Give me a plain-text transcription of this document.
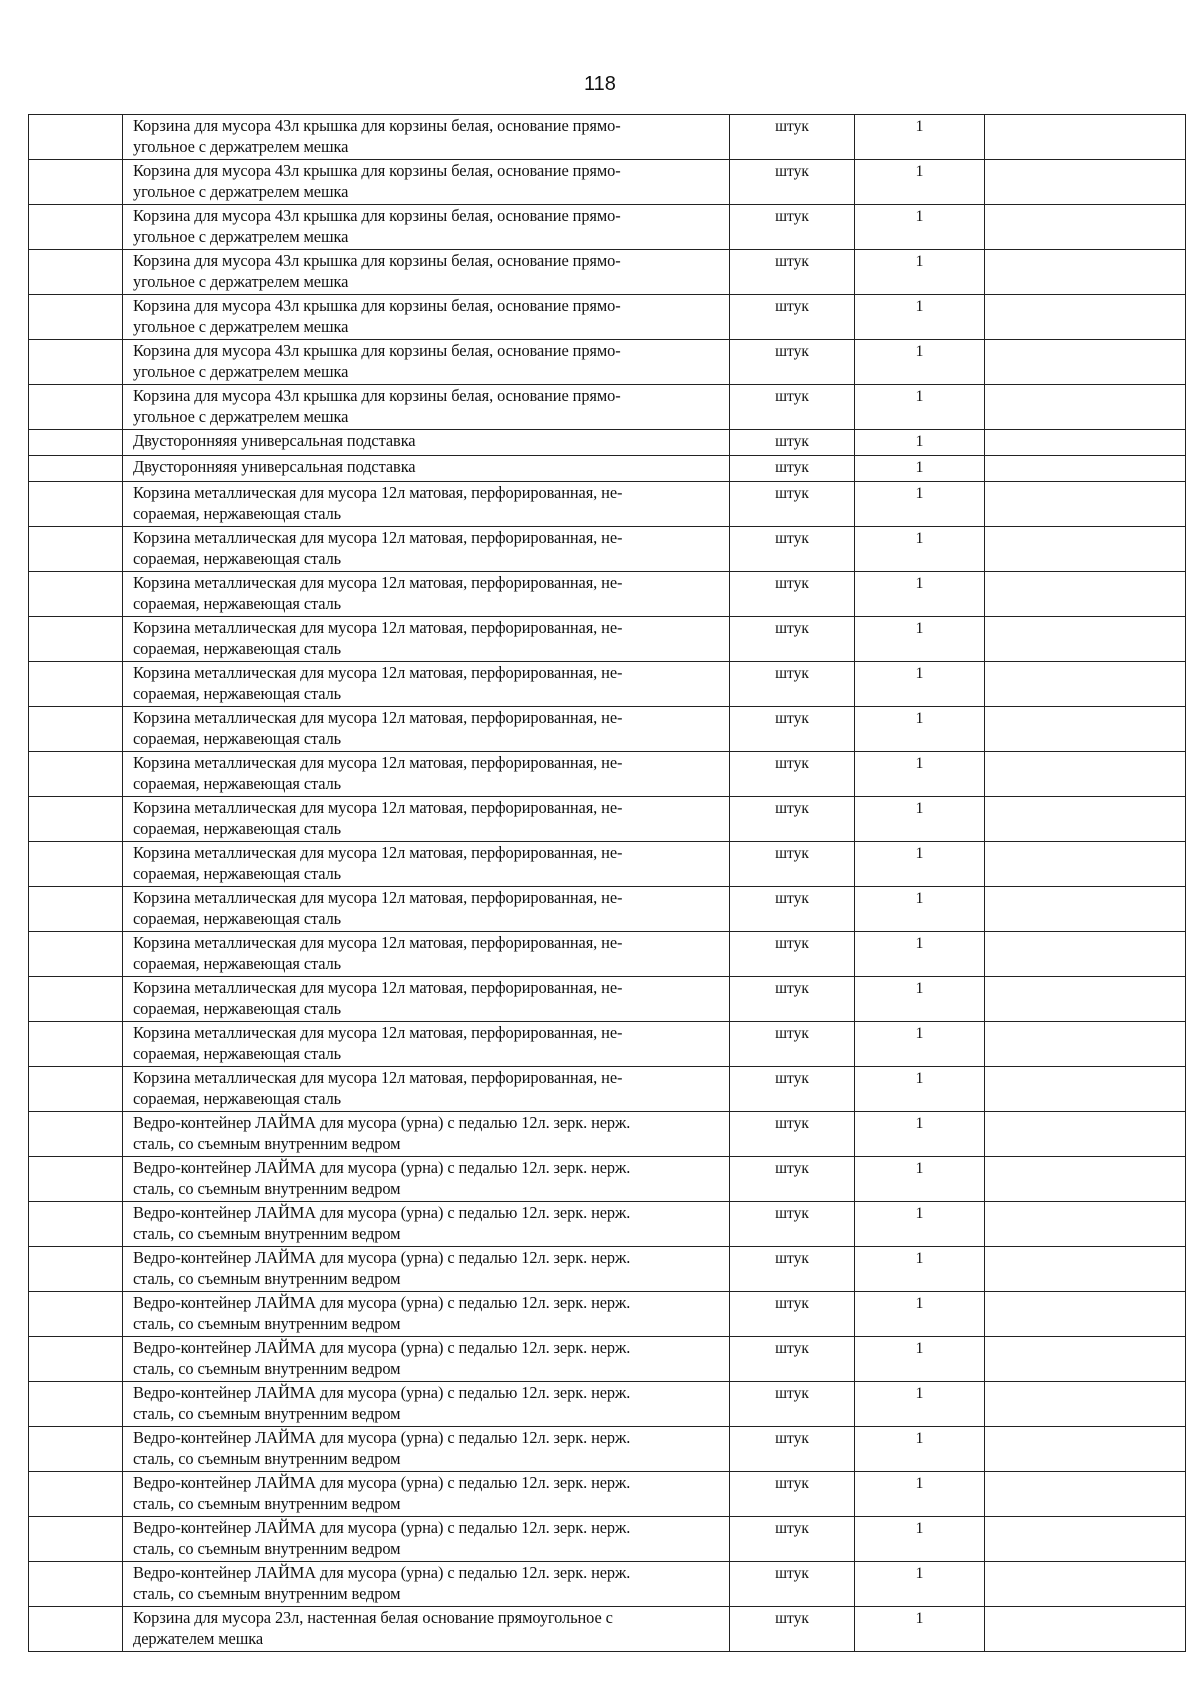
118

	Корзина для мусора 43л крышка для корзины белая, основание прямо-
угольное с держатрелем мешка	штук	1	

	Корзина для мусора 43л крышка для корзины белая, основание прямо-
угольное с держатрелем мешка	штук	1	

	Корзина для мусора 43л крышка для корзины белая, основание прямо-
угольное с держатрелем мешка	штук	1	

	Корзина для мусора 43л крышка для корзины белая, основание прямо-
угольное с держатрелем мешка	штук	1	

	Корзина для мусора 43л крышка для корзины белая, основание прямо-
угольное с держатрелем мешка	штук	1	

	Корзина для мусора 43л крышка для корзины белая, основание прямо-
угольное с держатрелем мешка	штук	1	

	Корзина для мусора 43л крышка для корзины белая, основание прямо-
угольное с держатрелем мешка	штук	1	

	Двусторонняяя универсальная подставка	штук	1	

	Двусторонняяя универсальная подставка	штук	1	

	Корзина металлическая для мусора 12л матовая, перфорированная, не-
сораемая, нержавеющая сталь	штук	1	

	Корзина металлическая для мусора 12л матовая, перфорированная, не-
сораемая, нержавеющая сталь	штук	1	

	Корзина металлическая для мусора 12л матовая, перфорированная, не-
сораемая, нержавеющая сталь	штук	1	

	Корзина металлическая для мусора 12л матовая, перфорированная, не-
сораемая, нержавеющая сталь	штук	1	

	Корзина металлическая для мусора 12л матовая, перфорированная, не-
сораемая, нержавеющая сталь	штук	1	

	Корзина металлическая для мусора 12л матовая, перфорированная, не-
сораемая, нержавеющая сталь	штук	1	

	Корзина металлическая для мусора 12л матовая, перфорированная, не-
сораемая, нержавеющая сталь	штук	1	

	Корзина металлическая для мусора 12л матовая, перфорированная, не-
сораемая, нержавеющая сталь	штук	1	

	Корзина металлическая для мусора 12л матовая, перфорированная, не-
сораемая, нержавеющая сталь	штук	1	

	Корзина металлическая для мусора 12л матовая, перфорированная, не-
сораемая, нержавеющая сталь	штук	1	

	Корзина металлическая для мусора 12л матовая, перфорированная, не-
сораемая, нержавеющая сталь	штук	1	

	Корзина металлическая для мусора 12л матовая, перфорированная, не-
сораемая, нержавеющая сталь	штук	1	

	Корзина металлическая для мусора 12л матовая, перфорированная, не-
сораемая, нержавеющая сталь	штук	1	

	Корзина металлическая для мусора 12л матовая, перфорированная, не-
сораемая, нержавеющая сталь	штук	1	

	Ведро-контейнер ЛАЙМА для мусора (урна) с педалью 12л. зерк. нерж.
сталь, со съемным внутренним ведром	штук	1	

	Ведро-контейнер ЛАЙМА для мусора (урна) с педалью 12л. зерк. нерж.
сталь, со съемным внутренним ведром	штук	1	

	Ведро-контейнер ЛАЙМА для мусора (урна) с педалью 12л. зерк. нерж.
сталь, со съемным внутренним ведром	штук	1	

	Ведро-контейнер ЛАЙМА для мусора (урна) с педалью 12л. зерк. нерж.
сталь, со съемным внутренним ведром	штук	1	

	Ведро-контейнер ЛАЙМА для мусора (урна) с педалью 12л. зерк. нерж.
сталь, со съемным внутренним ведром	штук	1	

	Ведро-контейнер ЛАЙМА для мусора (урна) с педалью 12л. зерк. нерж.
сталь, со съемным внутренним ведром	штук	1	

	Ведро-контейнер ЛАЙМА для мусора (урна) с педалью 12л. зерк. нерж.
сталь, со съемным внутренним ведром	штук	1	

	Ведро-контейнер ЛАЙМА для мусора (урна) с педалью 12л. зерк. нерж.
сталь, со съемным внутренним ведром	штук	1	

	Ведро-контейнер ЛАЙМА для мусора (урна) с педалью 12л. зерк. нерж.
сталь, со съемным внутренним ведром	штук	1	

	Ведро-контейнер ЛАЙМА для мусора (урна) с педалью 12л. зерк. нерж.
сталь, со съемным внутренним ведром	штук	1	

	Ведро-контейнер ЛАЙМА для мусора (урна) с педалью 12л. зерк. нерж.
сталь, со съемным внутренним ведром	штук	1	

	Корзина для мусора 23л, настенная белая основание прямоугольное с
держателем мешка	штук	1	
